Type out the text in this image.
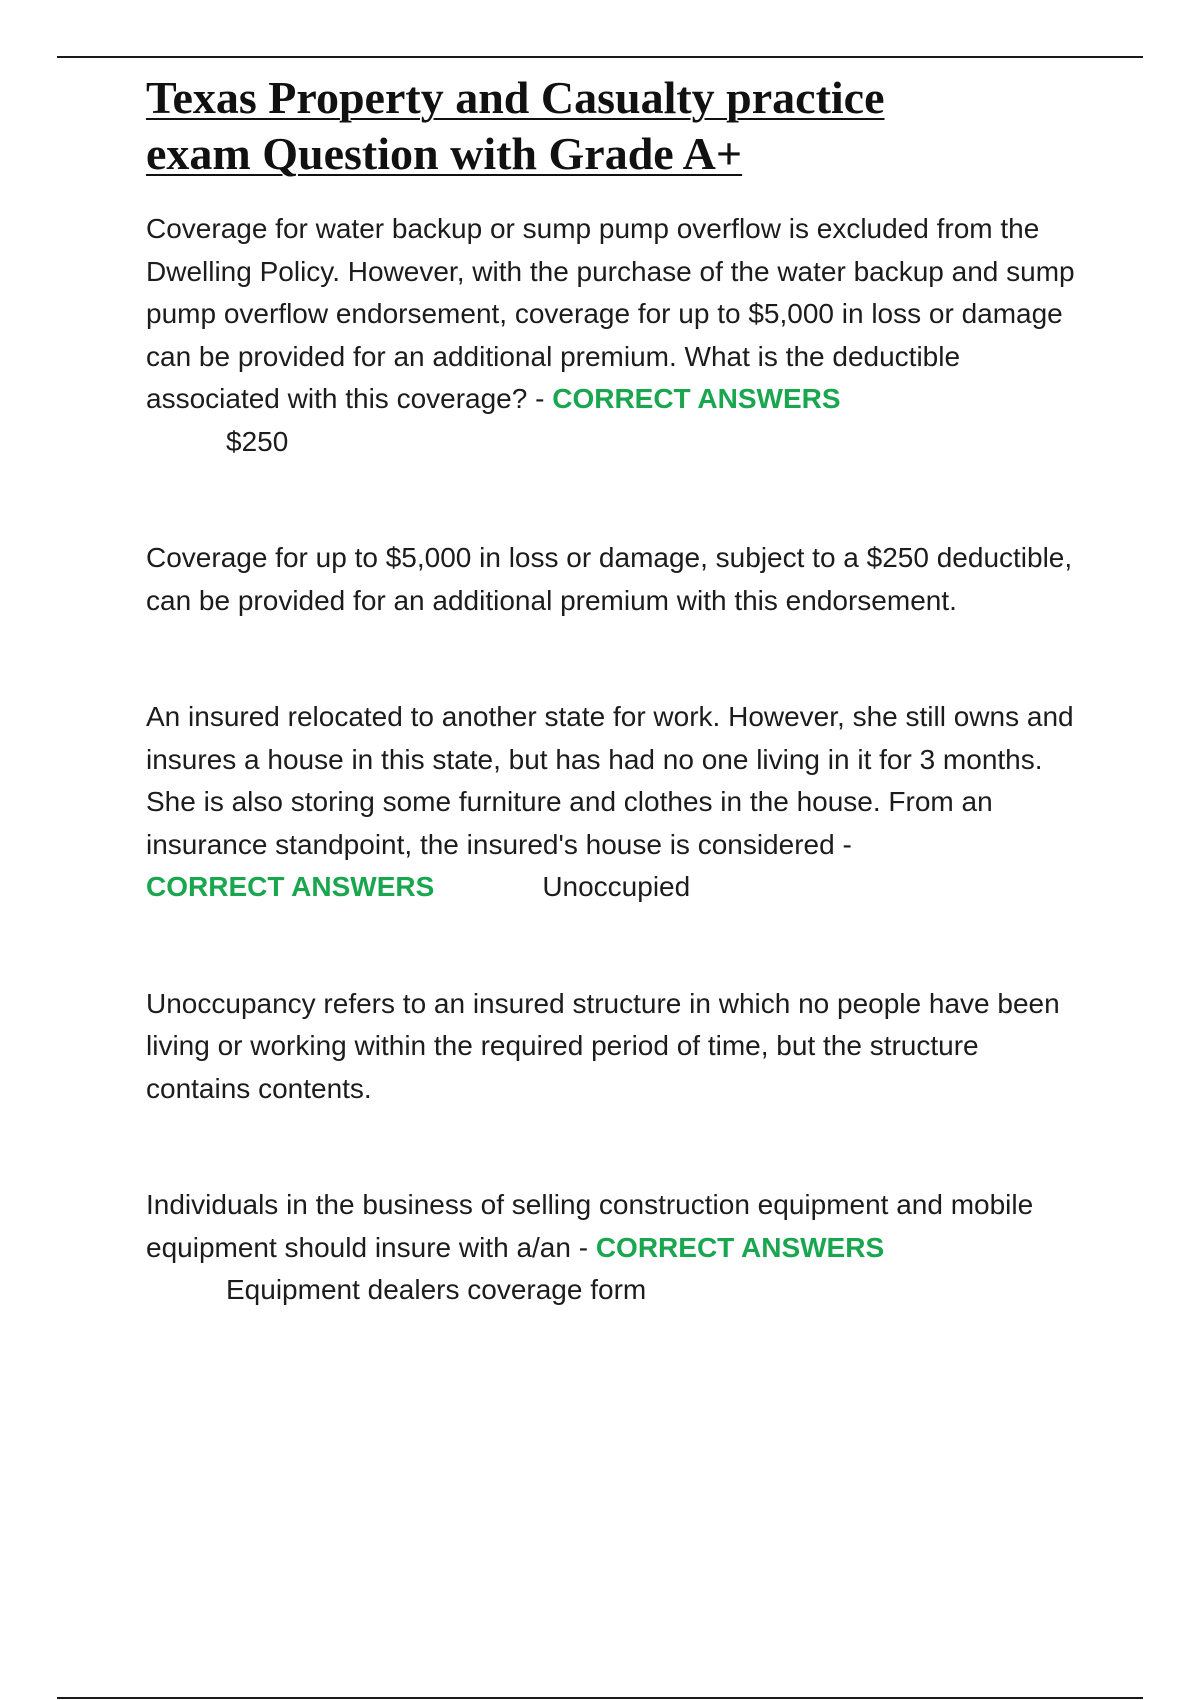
Texas Property and Casualty practice
exam Question with Grade A+

Coverage for water backup or sump pump overflow is excluded from the Dwelling Policy. However, with the purchase of the water backup and sump pump overflow endorsement, coverage for up to $5,000 in loss or damage can be provided for an additional premium. What is the deductible associated with this coverage? - CORRECT ANSWERS
$250

Coverage for up to $5,000 in loss or damage, subject to a $250 deductible, can be provided for an additional premium with this endorsement.

An insured relocated to another state for work. However, she still owns and insures a house in this state, but has had no one living in it for 3 months. She is also storing some furniture and clothes in the house. From an insurance standpoint, the insured's house is considered -
CORRECT ANSWERS	Unoccupied

Unoccupancy refers to an insured structure in which no people have been living or working within the required period of time, but the structure contains contents.

Individuals in the business of selling construction equipment and mobile equipment should insure with a/an - CORRECT ANSWERS
Equipment dealers coverage form
